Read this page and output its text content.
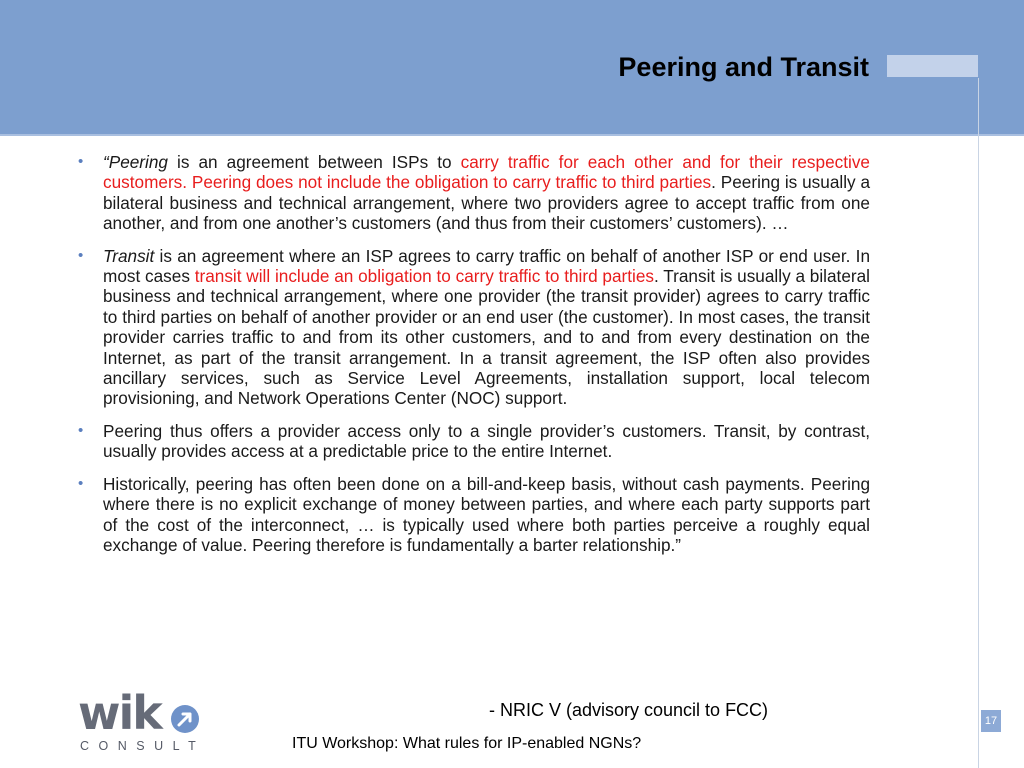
Peering and Transit
• “Peering is an agreement between ISPs to carry traffic for each other and for their respective customers. Peering does not include the obligation to carry traffic to third parties. Peering is usually a bilateral business and technical arrangement, where two providers agree to accept traffic from one another, and from one another’s customers (and thus from their customers’ customers). …
• Transit is an agreement where an ISP agrees to carry traffic on behalf of another ISP or end user. In most cases transit will include an obligation to carry traffic to third parties. Transit is usually a bilateral business and technical arrangement, where one provider (the transit provider) agrees to carry traffic to third parties on behalf of another provider or an end user (the customer). In most cases, the transit provider carries traffic to and from its other customers, and to and from every destination on the Internet, as part of the transit arrangement. In a transit agreement, the ISP often also provides ancillary services, such as Service Level Agreements, installation support, local telecom provisioning, and Network Operations Center (NOC) support.
• Peering thus offers a provider access only to a single provider’s customers. Transit, by contrast, usually provides access at a predictable price to the entire Internet.
• Historically, peering has often been done on a bill-and-keep basis, without cash payments. Peering where there is no explicit exchange of money between parties, and where each party supports part of the cost of the interconnect, … is typically used where both parties perceive a roughly equal exchange of value. Peering therefore is fundamentally a barter relationship.”
- NRIC V (advisory council to FCC)
wik
CONSULT	ITU Workshop: What rules for IP-enabled NGNs?
17
